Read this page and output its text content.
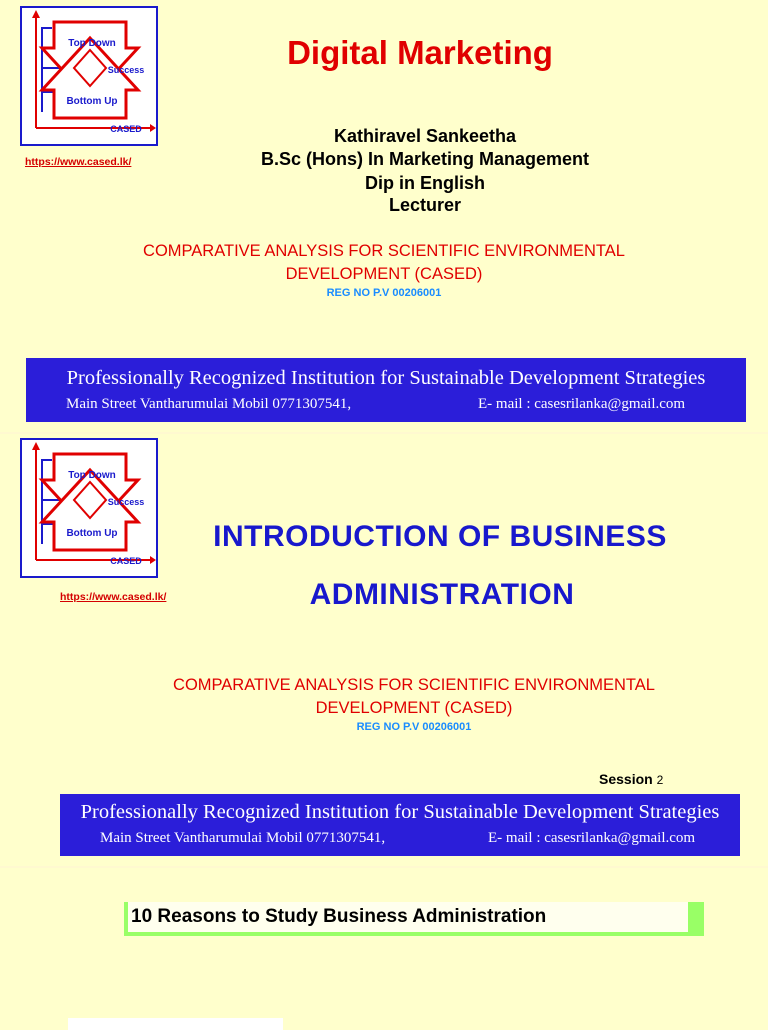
Top Down
Success
Bottom Up
CASED
https://www.cased.lk/
Digital Marketing
Kathiravel Sankeetha
B.Sc (Hons) In Marketing Management
Dip in English
Lecturer
COMPARATIVE ANALYSIS FOR SCIENTIFIC ENVIRONMENTAL
DEVELOPMENT (CASED)
REG NO P.V 00206001
Professionally Recognized Institution for Sustainable Development Strategies
Main Street Vantharumulai Mobil 0771307541,	E- mail : casesrilanka@gmail.com
Top Down
Success
Bottom Up
CASED
https://www.cased.lk/
INTRODUCTION OF BUSINESS
ADMINISTRATION
COMPARATIVE ANALYSIS FOR SCIENTIFIC ENVIRONMENTAL
DEVELOPMENT (CASED)
REG NO P.V 00206001
Session 2
Professionally Recognized Institution for Sustainable Development Strategies
Main Street Vantharumulai Mobil 0771307541,	E- mail : casesrilanka@gmail.com
10 Reasons to Study Business Administration
